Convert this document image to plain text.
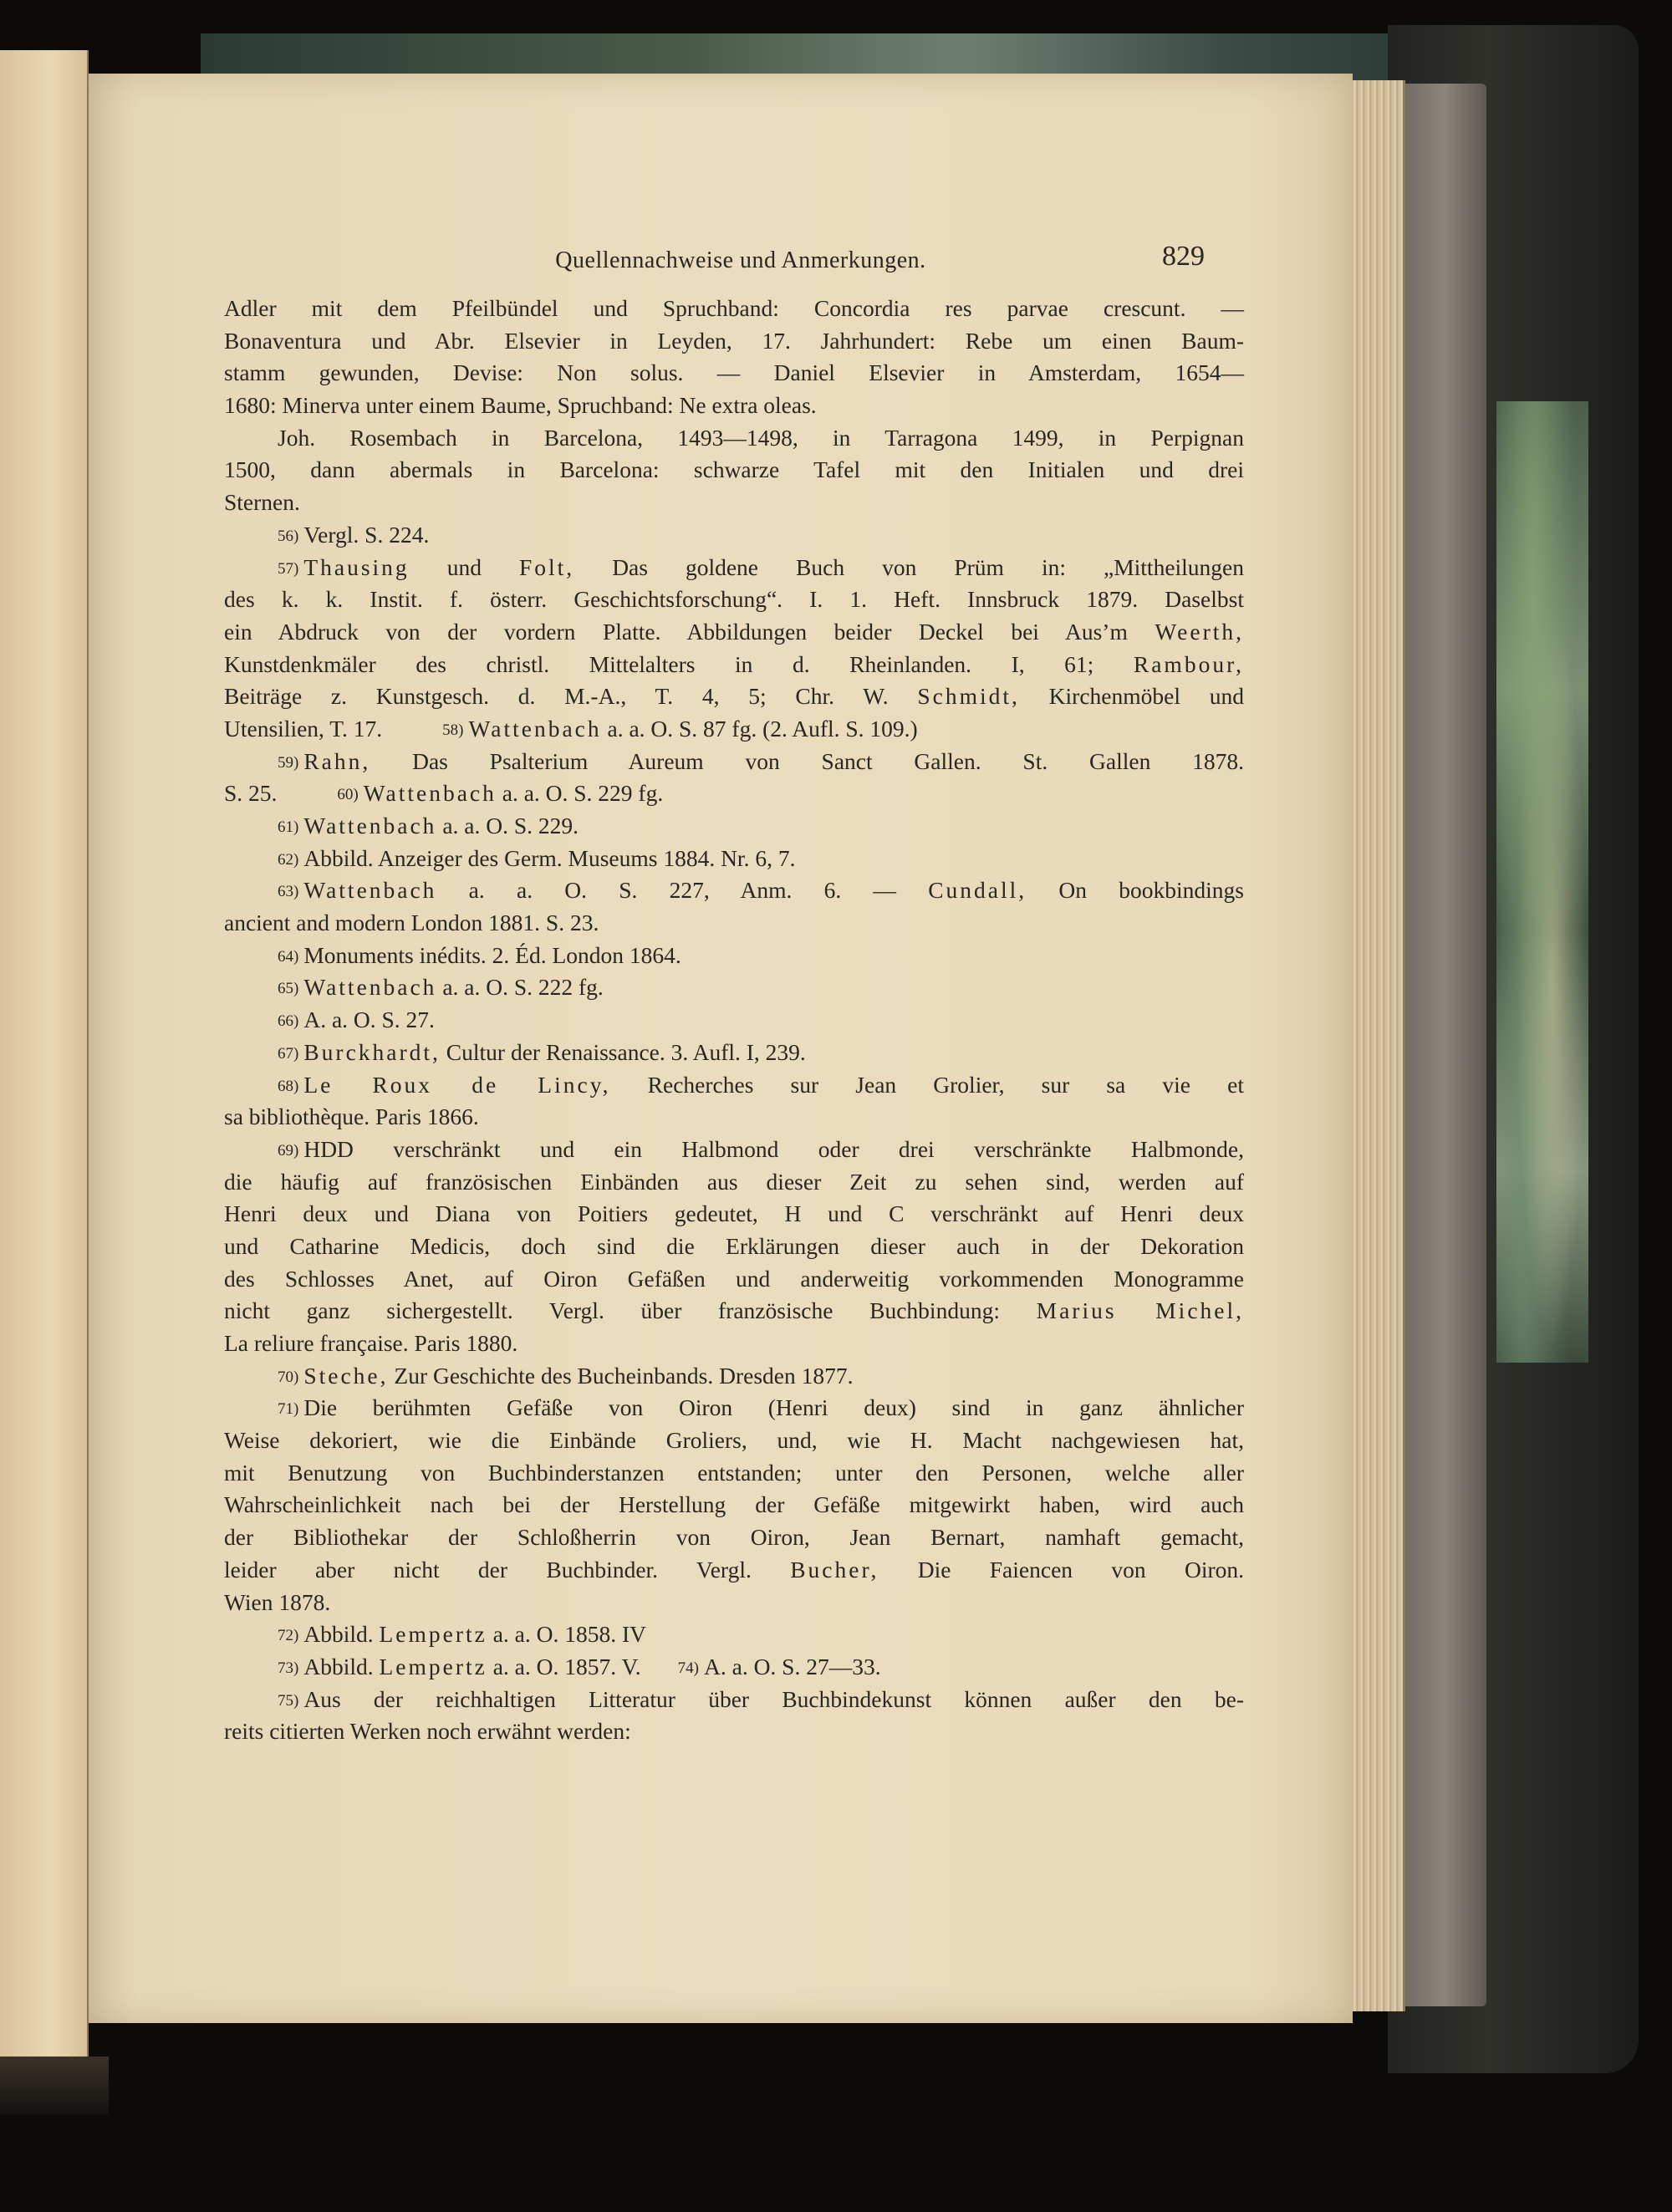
Quellennachweise und Anmerkungen.	829
Adler mit dem Pfeilbündel und Spruchband: Concordia res parvae crescunt. —
Bonaventura und Abr. Elsevier in Leyden, 17. Jahrhundert: Rebe um einen Baum-
stamm gewunden, Devise: Non solus. — Daniel Elsevier in Amsterdam, 1654—
1680: Minerva unter einem Baume, Spruchband: Ne extra oleas.
Joh. Rosembach in Barcelona, 1493—1498, in Tarragona 1499, in Perpignan
1500, dann abermals in Barcelona: schwarze Tafel mit den Initialen und drei
Sternen.
56) Vergl. S. 224.
57) Thausing und Folt, Das goldene Buch von Prüm in: „Mittheilungen
des k. k. Instit. f. österr. Geschichtsforschung“. I. 1. Heft. Innsbruck 1879. Daselbst
ein Abdruck von der vordern Platte. Abbildungen beider Deckel bei Aus’m Weerth,
Kunstdenkmäler des christl. Mittelalters in d. Rheinlanden. I, 61; Rambour,
Beiträge z. Kunstgesch. d. M.-A., T. 4, 5; Chr. W. Schmidt, Kirchenmöbel und
Utensilien, T. 17.	58) Wattenbach a. a. O. S. 87 fg. (2. Aufl. S. 109.)
59) Rahn, Das Psalterium Aureum von Sanct Gallen. St. Gallen 1878.
S. 25.	60) Wattenbach a. a. O. S. 229 fg.
61) Wattenbach a. a. O. S. 229.
62) Abbild. Anzeiger des Germ. Museums 1884. Nr. 6, 7.
63) Wattenbach a. a. O. S. 227, Anm. 6. — Cundall, On bookbindings
ancient and modern London 1881. S. 23.
64) Monuments inédits. 2. Éd. London 1864.
65) Wattenbach a. a. O. S. 222 fg.
66) A. a. O. S. 27.
67) Burckhardt, Cultur der Renaissance. 3. Aufl. I, 239.
68) Le Roux de Lincy, Recherches sur Jean Grolier, sur sa vie et
sa bibliothèque. Paris 1866.
69) HDD verschränkt und ein Halbmond oder drei verschränkte Halbmonde,
die häufig auf französischen Einbänden aus dieser Zeit zu sehen sind, werden auf
Henri deux und Diana von Poitiers gedeutet, H und C verschränkt auf Henri deux
und Catharine Medicis, doch sind die Erklärungen dieser auch in der Dekoration
des Schlosses Anet, auf Oiron Gefäßen und anderweitig vorkommenden Monogramme
nicht ganz sichergestellt. Vergl. über französische Buchbindung: Marius Michel,
La reliure française. Paris 1880.
70) Steche, Zur Geschichte des Bucheinbands. Dresden 1877.
71) Die berühmten Gefäße von Oiron (Henri deux) sind in ganz ähnlicher
Weise dekoriert, wie die Einbände Groliers, und, wie H. Macht nachgewiesen hat,
mit Benutzung von Buchbinderstanzen entstanden; unter den Personen, welche aller
Wahrscheinlichkeit nach bei der Herstellung der Gefäße mitgewirkt haben, wird auch
der Bibliothekar der Schloßherrin von Oiron, Jean Bernart, namhaft gemacht,
leider aber nicht der Buchbinder. Vergl. Bucher, Die Faiencen von Oiron.
Wien 1878.
72) Abbild. Lempertz a. a. O. 1858. IV
73) Abbild. Lempertz a. a. O. 1857. V. 74) A. a. O. S. 27—33.
75) Aus der reichhaltigen Litteratur über Buchbindekunst können außer den be-
reits citierten Werken noch erwähnt werden:
